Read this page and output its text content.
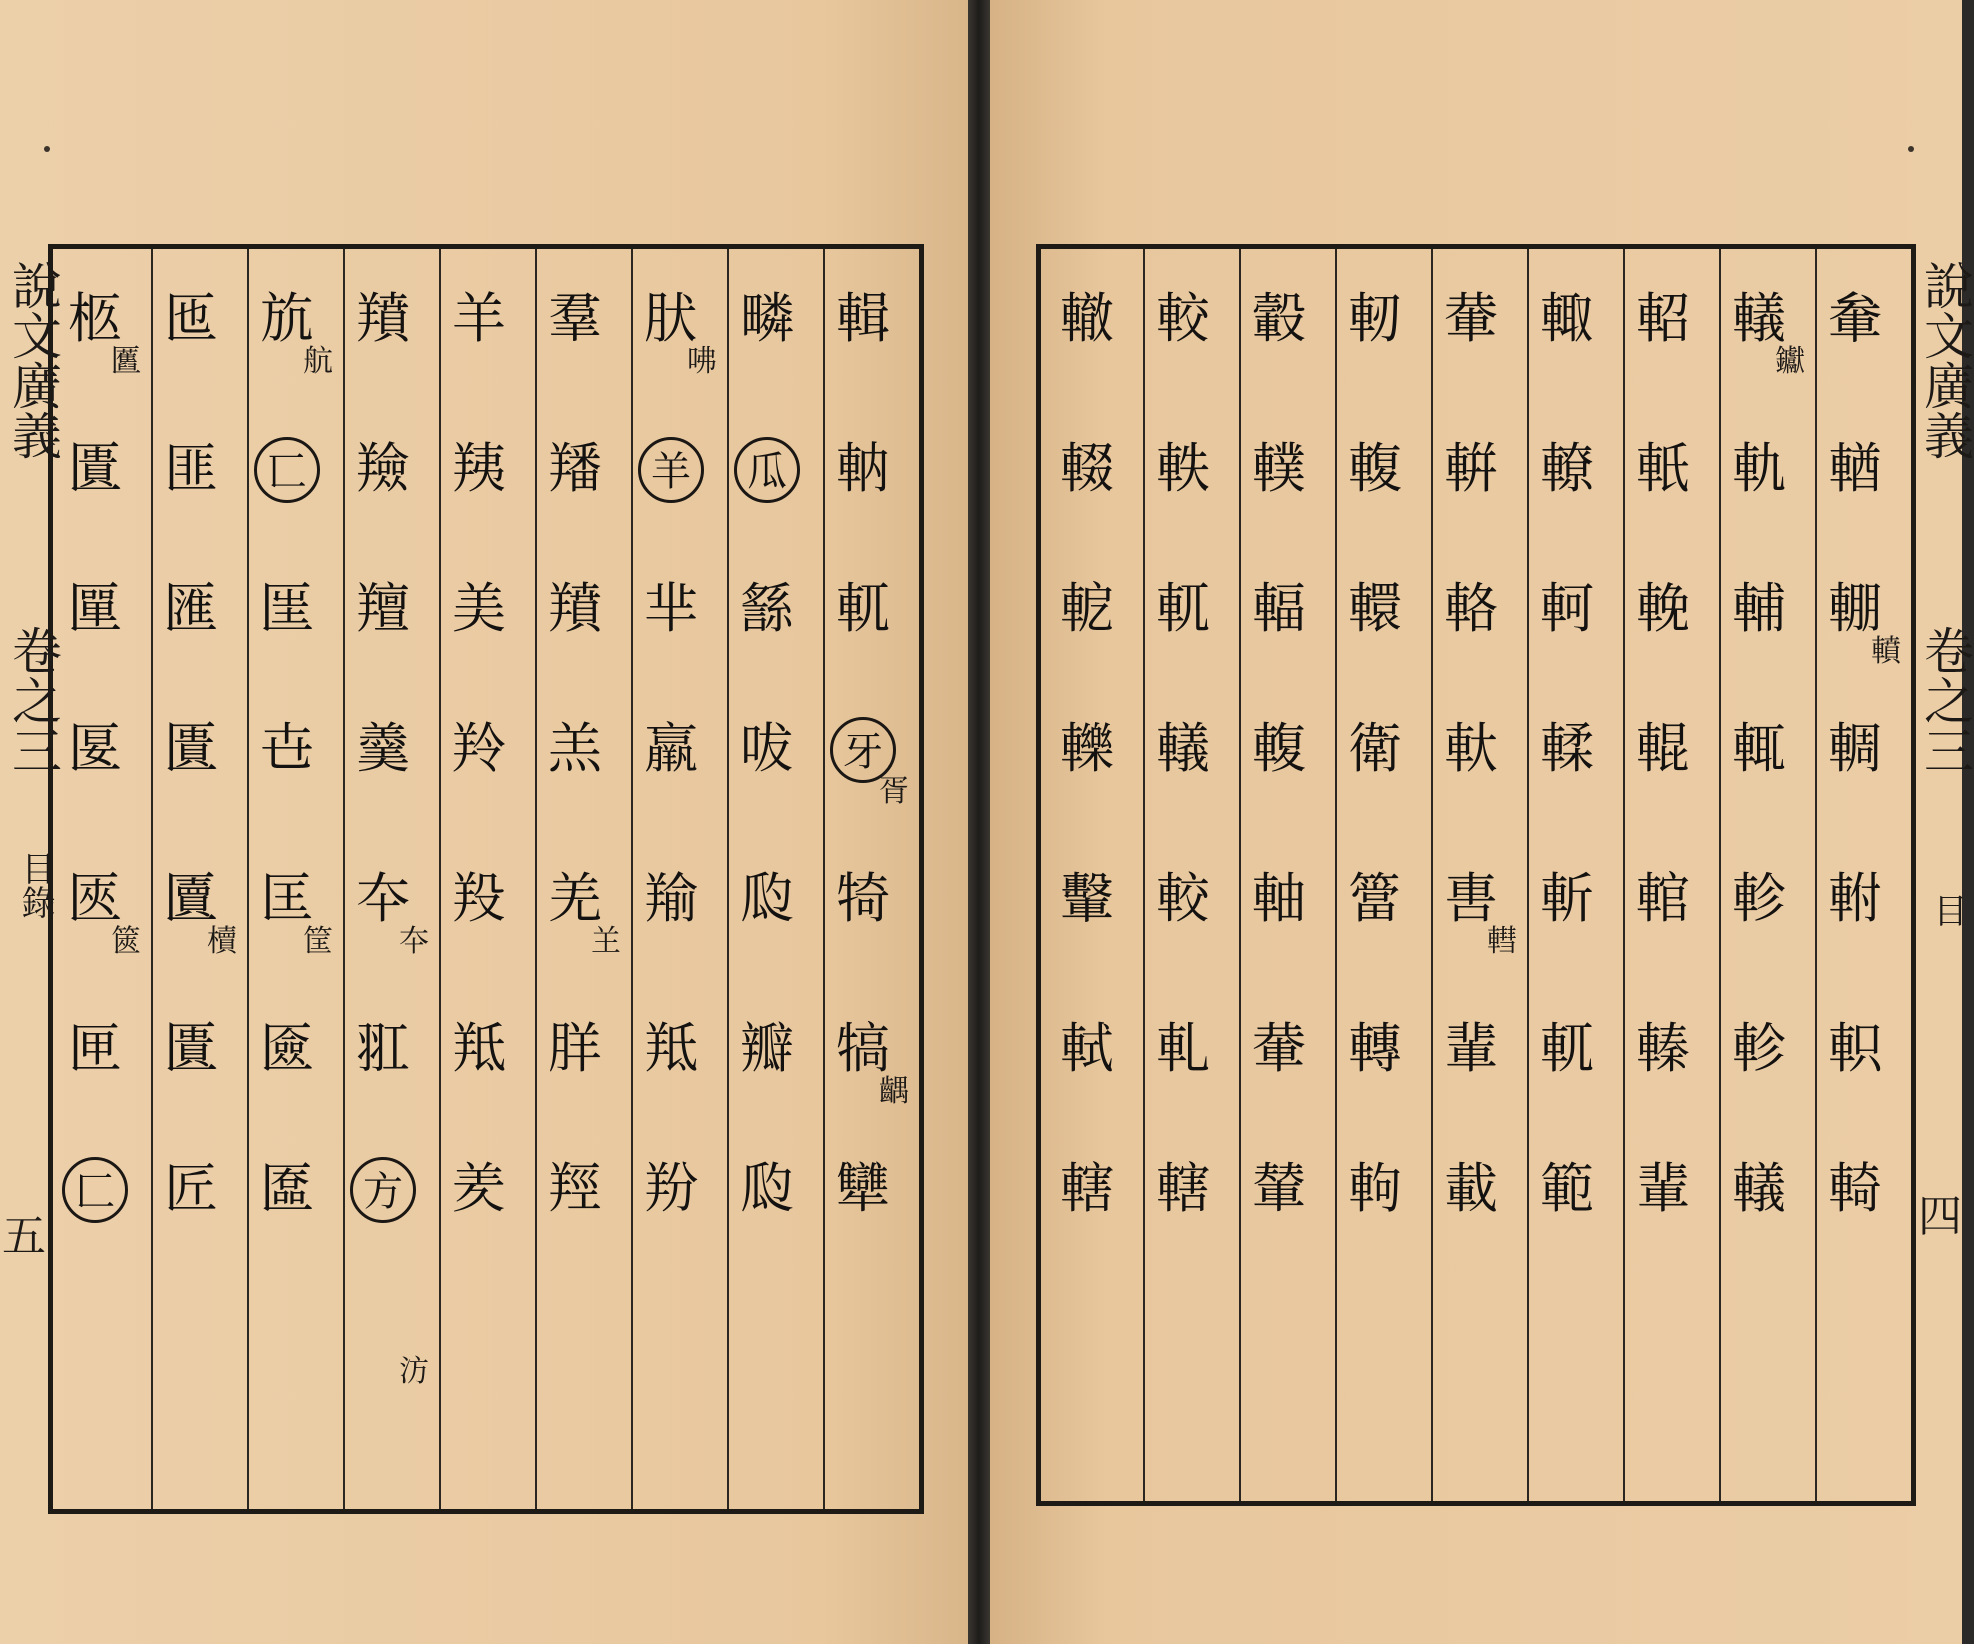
輯
軜
軏
犄
犒
犫
牙
胥
齵
疄
䌛
㕹
瓝
瓣
瓝
瓜
肰
芈
羸
羭
羝
羒
羊
咈
羣
羳
羵
羔
羌
羘
羥
𦍌
羊
羠
美
羚
羖
羝
羑
羵
羷
羶
羹
夲
羾
方
夲
汸
斻
匩
㔺
匡
匳
匲
匸
航
筐
匜
匪
匯
匱
匵
匱
匠
櫝
柩
匱
匰
匽
匧
匣
匚
匶
篋
軬
輶
輣
輖
軵
軹
輢
轒
轙
軌
輔
輒
軫
軫
轙
钀
軺
軝
輓
輥
輨
轃
輩
輙
轑
軻
輮
斬
軏
範
輂
輧
輅
軑
軎
輩
載
轊
軔
輹
轘
衛
簹
轉
軥
轂
轐
輻
輹
軸
輂
輦
較
軼
軏
轙
較
軋
轄
轍
輟
軶
轢
轚
軾
轄
說文廣義
卷之三
目錄
五
說文廣義
卷之三
目
四
